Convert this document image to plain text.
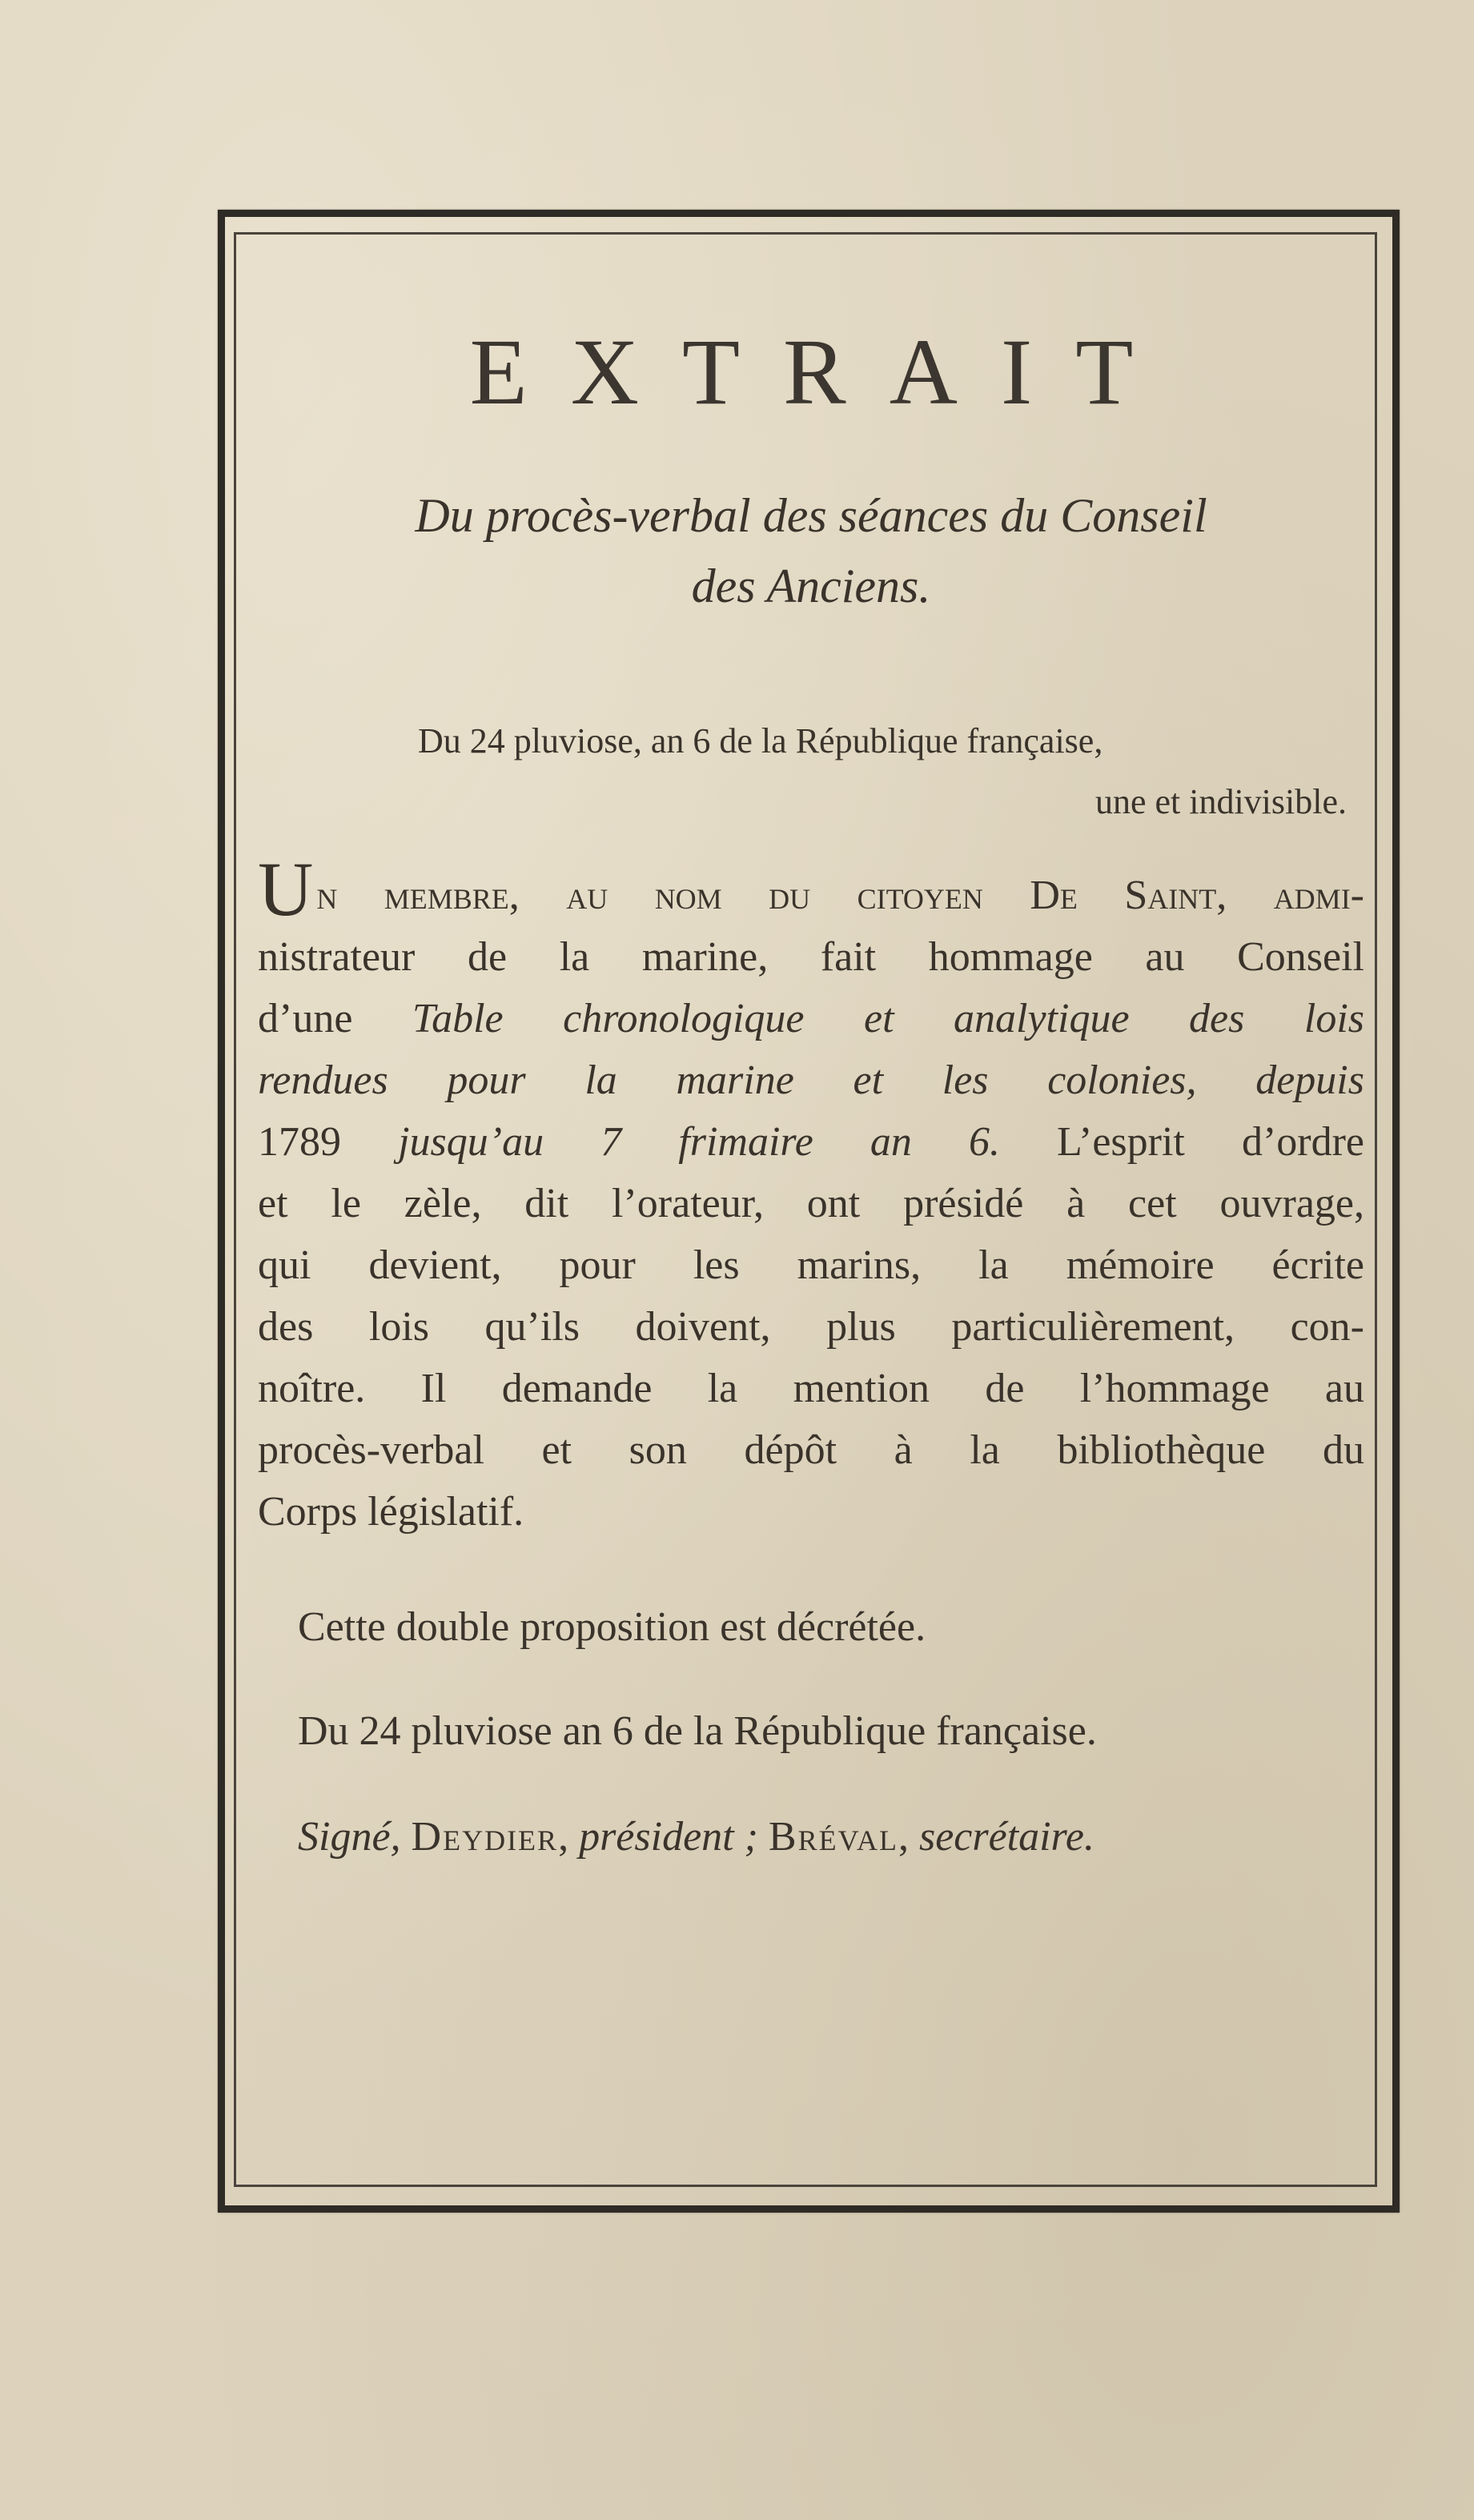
EXTRAIT
Du procès-verbal des séances du Conseil
des Anciens.
Du 24 pluviose, an 6 de la République française,
une et indivisible.
Un membre, au nom du citoyen De Saint, admi-
nistrateur de la marine, fait hommage au Conseil
d’une Table chronologique et analytique des lois
rendues pour la marine et les colonies, depuis
1789 jusqu’au 7 frimaire an 6. L’esprit d’ordre
et le zèle, dit l’orateur, ont présidé à cet ouvrage,
qui devient, pour les marins, la mémoire écrite
des lois qu’ils doivent, plus particulièrement, con-
noître. Il demande la mention de l’hommage au
procès-verbal et son dépôt à la bibliothèque du
Corps législatif.

Cette double proposition est décrétée.

Du 24 pluviose an 6 de la République française.

Signé, Deydier, président ; Bréval, secrétaire.
